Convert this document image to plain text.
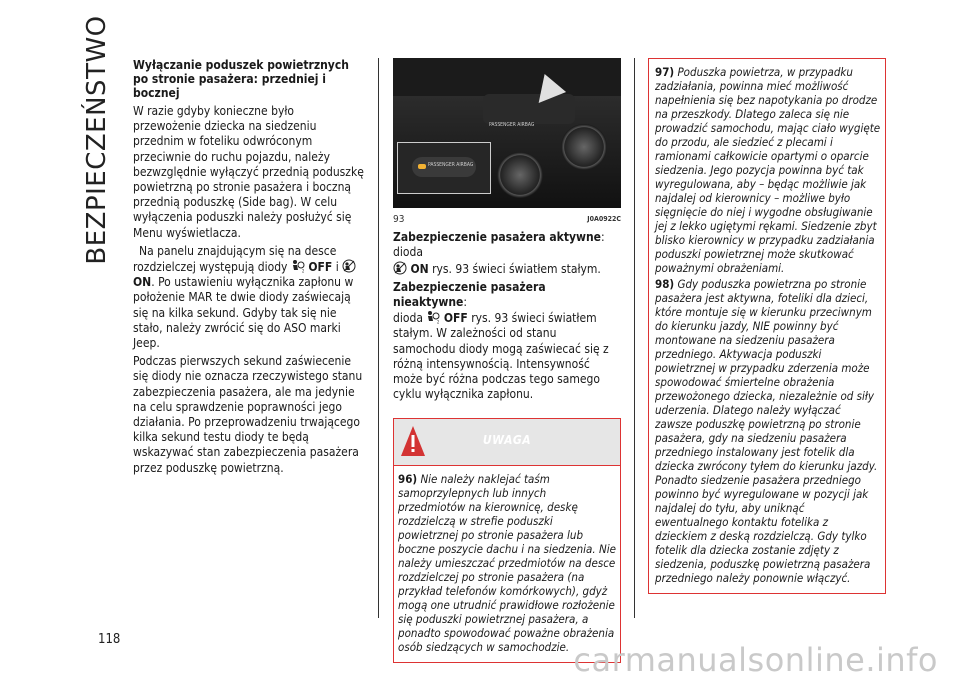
BEZPIECZEŃSTWO
118
Wyłączanie poduszek powietrznych po stronie pasażera: przedniej i bocznej

W razie gdyby konieczne było przewożenie dziecka na siedzeniu przednim w foteliku odwróconym przeciwnie do ruchu pojazdu, należy bezwzględnie wyłączyć przednią poduszkę powietrzną po stronie pasażera i boczną przednią poduszkę (Side bag). W celu wyłączenia poduszki należy posłużyć się Menu wyświetlacza.

Na panelu znajdującym się na desce rozdzielczej występują diody	2 OFF i
ON. Po ustawieniu wyłącznika zapłonu w położenie MAR te dwie diody zaświecają się na kilka sekund. Gdyby tak się nie stało, należy zwrócić się do ASO marki Jeep.

Podczas pierwszych sekund zaświecenie się diody nie oznacza rzeczywistego stanu zabezpieczenia pasażera, ale ma jedynie na celu sprawdzenie poprawności jego działania. Po przeprowadzeniu trwającego kilka sekund testu diody te będą wskazywać stan zabezpieczenia pasażera przez poduszkę powietrzną.

PASSENGER AIRBAG
PASSENGER AIRBAG
93	J0A0922C

Zabezpieczenie pasażera aktywne: dioda
ON rys. 93 świeci światłem stałym.

Zabezpieczenie pasażera nieaktywne:
dioda	2 OFF rys. 93 świeci światłem stałym. W zależności od stanu samochodu diody mogą zaświecać się z różną intensywnością. Intensywność może być różna podczas tego samego cyklu wyłącznika zapłonu.

UWAGA
96) Nie należy naklejać taśm samoprzylepnych lub innych przedmiotów na kierownicę, deskę rozdzielczą w strefie poduszki powietrznej po stronie pasażera lub boczne poszycie dachu i na siedzenia. Nie należy umieszczać przedmiotów na desce rozdzielczej po stronie pasażera (na przykład telefonów komórkowych), gdyż mogą one utrudnić prawidłowe rozłożenie się poduszki powietrznej pasażera, a ponadto spowodować poważne obrażenia osób siedzących w samochodzie.

97) Poduszka powietrza, w przypadku zadziałania, powinna mieć możliwość napełnienia się bez napotykania po drodze na przeszkody. Dlatego zaleca się nie prowadzić samochodu, mając ciało wygięte do przodu, ale siedzieć z plecami i ramionami całkowicie opartymi o oparcie siedzenia. Jego pozycja powinna być tak wyregulowana, aby – będąc możliwie jak najdalej od kierownicy – możliwe było sięgnięcie do niej i wygodne obsługiwanie jej z lekko ugiętymi rękami. Siedzenie zbyt blisko kierownicy w przypadku zadziałania poduszki powietrznej może skutkować poważnymi obrażeniami.

98) Gdy poduszka powietrzna po stronie pasażera jest aktywna, foteliki dla dzieci, które montuje się w kierunku przeciwnym do kierunku jazdy, NIE powinny być montowane na siedzeniu pasażera przedniego. Aktywacja poduszki powietrznej w przypadku zderzenia może spowodować śmiertelne obrażenia przewożonego dziecka, niezależnie od siły uderzenia. Dlatego należy wyłączać zawsze poduszkę powietrzną po stronie pasażera, gdy na siedzeniu pasażera przedniego instalowany jest fotelik dla dziecka zwrócony tyłem do kierunku jazdy. Ponadto siedzenie pasażera przedniego powinno być wyregulowane w pozycji jak najdalej do tyłu, aby uniknąć ewentualnego kontaktu fotelika z dzieckiem z deską rozdzielczą. Gdy tylko fotelik dla dziecka zostanie zdjęty z siedzenia, poduszkę powietrzną pasażera przedniego należy ponownie włączyć.

carmanualsonline.info
